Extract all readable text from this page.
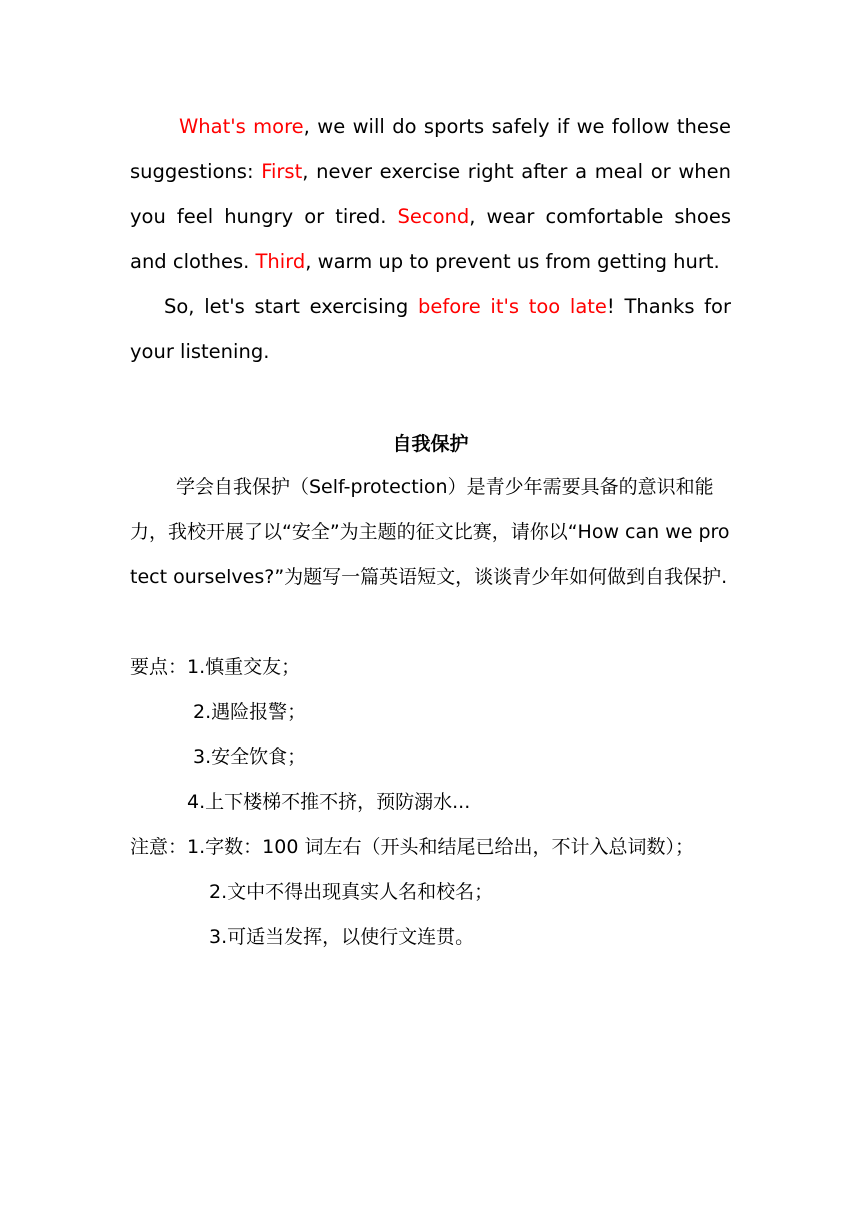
What's more, we will do sports safely if we follow these suggestions: First, never exercise right after a meal or when you feel hungry or tired. Second, wear comfortable shoes and clothes. Third, warm up to prevent us from getting hurt.

So, let's start exercising before it's too late! Thanks for your listening.

自我保护

学会自我保护（Self-protection）是青少年需要具备的意识和能力，我校开展了以“安全”为主题的征文比赛，请你以“How can we protect ourselves?”为题写一篇英语短文，谈谈青少年如何做到自我保护.

要点：1.慎重交友；

2.遇险报警；

3.安全饮食；

4.上下楼梯不推不挤，预防溺水...

注意：1.字数：100 词左右（开头和结尾已给出，不计入总词数）；

2.文中不得出现真实人名和校名；

3.可适当发挥，以使行文连贯。
